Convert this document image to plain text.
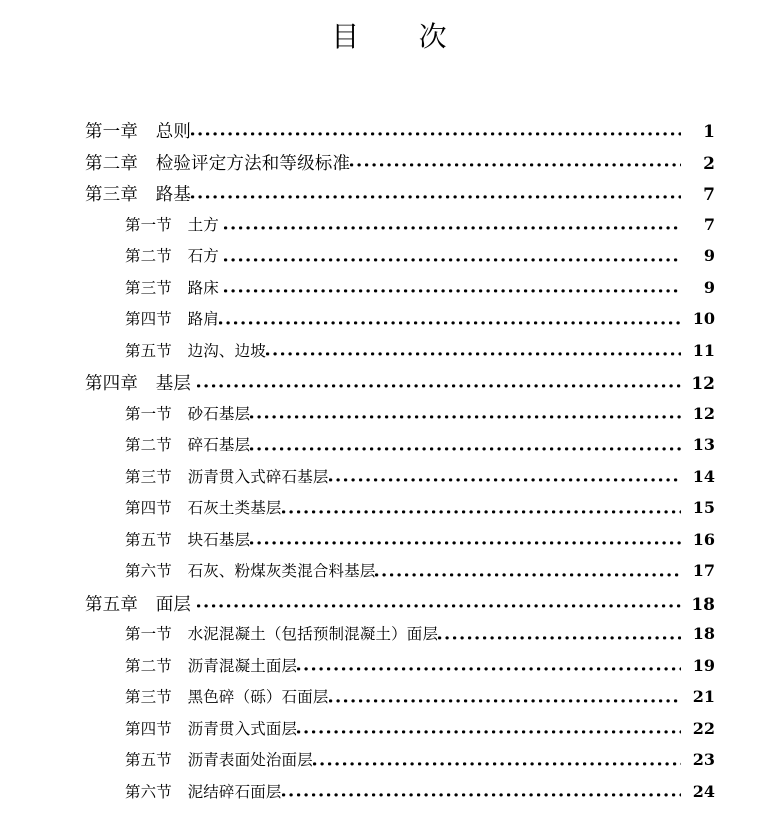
目　　次
第一章　总则	1
第二章　检验评定方法和等级标准	2
第三章　路基	7
第一节　土方	7
第二节　石方	9
第三节　路床	9
第四节　路肩	10
第五节　边沟、边坡	11
第四章　基层	12
第一节　砂石基层	12
第二节　碎石基层	13
第三节　沥青贯入式碎石基层	14
第四节　石灰土类基层	15
第五节　块石基层	16
第六节　石灰、粉煤灰类混合料基层	17
第五章　面层	18
第一节　水泥混凝土（包括预制混凝土）面层	18
第二节　沥青混凝土面层	19
第三节　黑色碎（砾）石面层	21
第四节　沥青贯入式面层	22
第五节　沥青表面处治面层	23
第六节　泥结碎石面层	24
